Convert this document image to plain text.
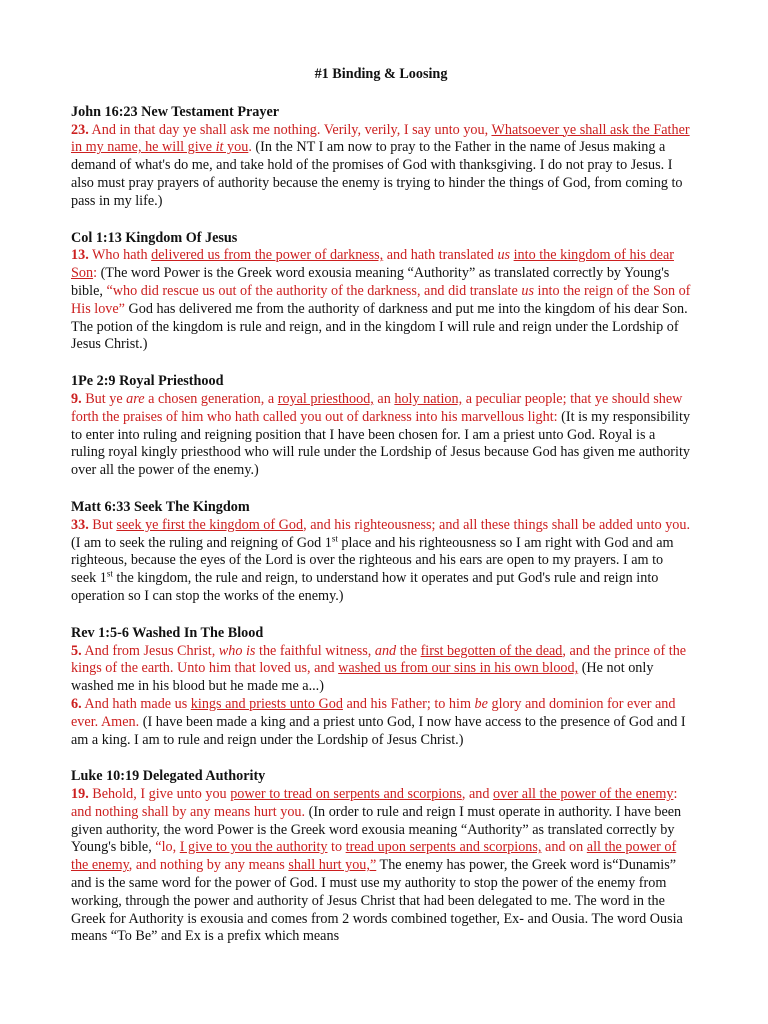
#1 Binding & Loosing

John 16:23 New Testament Prayer

23. And in that day ye shall ask me nothing. Verily, verily, I say unto you, Whatsoever ye shall ask the Father in my name, he will give it you. (In the NT I am now to pray to the Father in the name of Jesus making a demand of what's do me, and take hold of the promises of God with thanksgiving. I do not pray to Jesus. I also must pray prayers of authority because the enemy is trying to hinder the things of God, from coming to pass in my life.)

Col 1:13 Kingdom Of Jesus

13. Who hath delivered us from the power of darkness, and hath translated us into the kingdom of his dear Son: (The word Power is the Greek word exousia meaning “Authority” as translated correctly by Young's bible, “who did rescue us out of the authority of the darkness, and did translate us into the reign of the Son of His love” God has delivered me from the authority of darkness and put me into the kingdom of his dear Son. The potion of the kingdom is rule and reign, and in the kingdom I will rule and reign under the Lordship of Jesus Christ.)

1Pe 2:9 Royal Priesthood

9. But ye are a chosen generation, a royal priesthood, an holy nation, a peculiar people; that ye should shew forth the praises of him who hath called you out of darkness into his marvellous light: (It is my responsibility to enter into ruling and reigning position that I have been chosen for. I am a priest unto God. Royal is a ruling royal kingly priesthood who will rule under the Lordship of Jesus because God has given me authority over all the power of the enemy.)

Matt 6:33 Seek The Kingdom

33. But seek ye first the kingdom of God, and his righteousness; and all these things shall be added unto you. (I am to seek the ruling and reigning of God 1st place and his righteousness so I am right with God and am righteous, because the eyes of the Lord is over the righteous and his ears are open to my prayers. I am to seek 1st the kingdom, the rule and reign, to understand how it operates and put God's rule and reign into operation so I can stop the works of the enemy.)

Rev 1:5-6 Washed In The Blood

5. And from Jesus Christ, who is the faithful witness, and the first begotten of the dead, and the prince of the kings of the earth. Unto him that loved us, and washed us from our sins in his own blood, (He not only washed me in his blood but he made me a...)

6. And hath made us kings and priests unto God and his Father; to him be glory and dominion for ever and ever. Amen. (I have been made a king and a priest unto God, I now have access to the presence of God and I am a king. I am to rule and reign under the Lordship of Jesus Christ.)

Luke 10:19 Delegated Authority

19. Behold, I give unto you power to tread on serpents and scorpions, and over all the power of the enemy: and nothing shall by any means hurt you. (In order to rule and reign I must operate in authority. I have been given authority, the word Power is the Greek word exousia meaning “Authority” as translated correctly by Young's bible, “lo, I give to you the authority to tread upon serpents and scorpions, and on all the power of the enemy, and nothing by any means shall hurt you,” The enemy has power, the Greek word is“Dunamis” and is the same word for the power of God. I must use my authority to stop the power of the enemy from working, through the power and authority of Jesus Christ that had been delegated to me. The word in the Greek for Authority is exousia and comes from 2 words combined together, Ex- and Ousia. The word Ousia means “To Be” and Ex is a prefix which means
